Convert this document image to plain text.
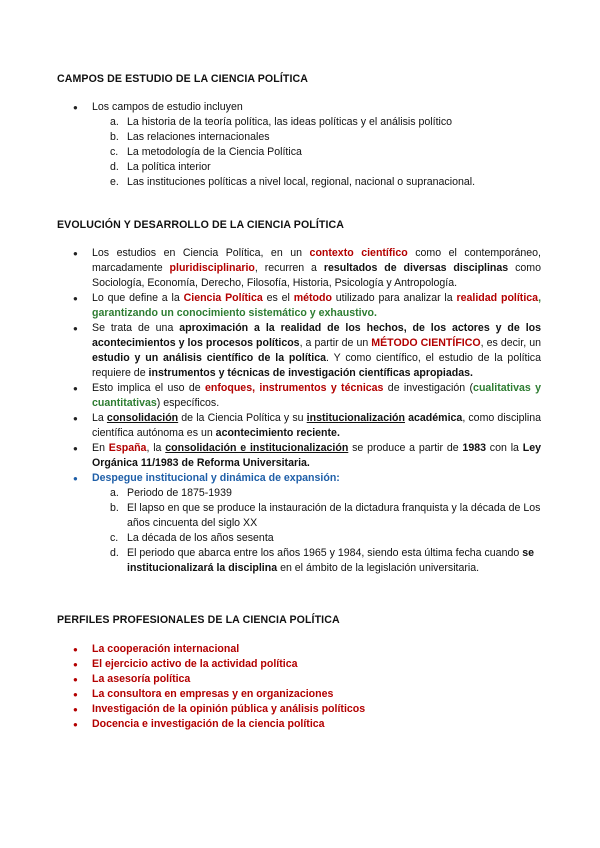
CAMPOS DE ESTUDIO DE LA CIENCIA POLÍTICA
● Los campos de estudio incluyen
a. La historia de la teoría política, las ideas políticas y el análisis político
b. Las relaciones internacionales
c. La metodología de la Ciencia Política
d. La política interior
e. Las instituciones políticas a nivel local, regional, nacional o supranacional.
EVOLUCIÓN Y DESARROLLO DE LA CIENCIA POLÍTICA
● Los estudios en Ciencia Política, en un contexto científico como el contemporáneo, marcadamente pluridisciplinario, recurren a resultados de diversas disciplinas como Sociología, Economía, Derecho, Filosofía, Historia, Psicología y Antropología.
● Lo que define a la Ciencia Política es el método utilizado para analizar la realidad política, garantizando un conocimiento sistemático y exhaustivo.
● Se trata de una aproximación a la realidad de los hechos, de los actores y de los acontecimientos y los procesos políticos, a partir de un MÉTODO CIENTÍFICO, es decir, un estudio y un análisis científico de la política. Y como científico, el estudio de la política requiere de instrumentos y técnicas de investigación científicas apropiadas.
● Esto implica el uso de enfoques, instrumentos y técnicas de investigación (cualitativas y cuantitativas) específicos.
● La consolidación de la Ciencia Política y su institucionalización académica, como disciplina científica autónoma es un acontecimiento reciente.
● En España, la consolidación e institucionalización se produce a partir de 1983 con la Ley Orgánica 11/1983 de Reforma Universitaria.
● Despegue institucional y dinámica de expansión:
a. Periodo de 1875-1939
b. El lapso en que se produce la instauración de la dictadura franquista y la década de Los años cincuenta del siglo XX
c. La década de los años sesenta
d. El periodo que abarca entre los años 1965 y 1984, siendo esta última fecha cuando se institucionalizará la disciplina en el ámbito de la legislación universitaria.
PERFILES PROFESIONALES DE LA CIENCIA POLÍTICA
● La cooperación internacional
● El ejercicio activo de la actividad política
● La asesoría política
● La consultora en empresas y en organizaciones
● Investigación de la opinión pública y análisis políticos
● Docencia e investigación de la ciencia política
